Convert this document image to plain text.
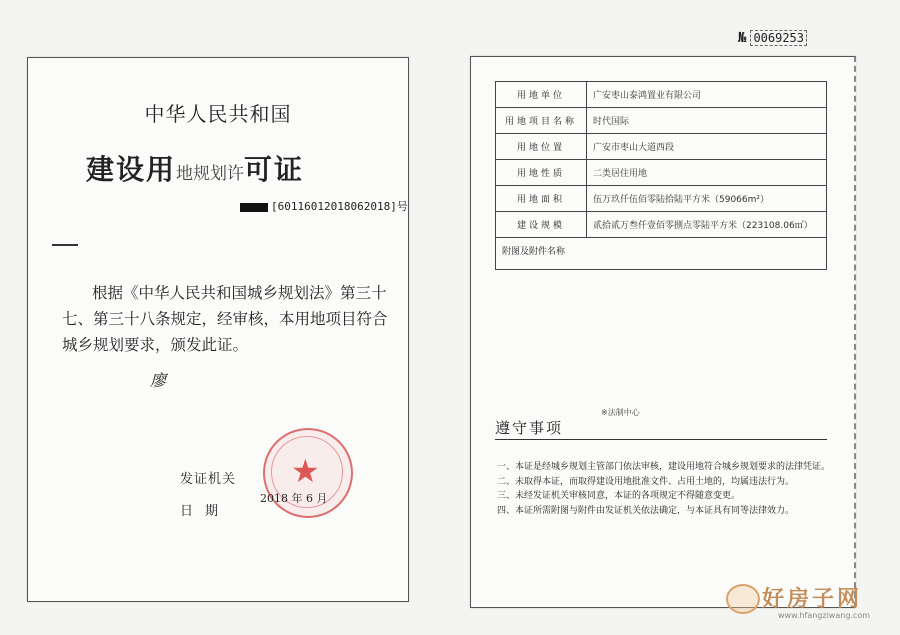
中华人民共和国
建设用地规划许可证
[60116012018062018]号

根据《中华人民共和国城乡规划法》第三十七、第三十八条规定，经审核，本用地项目符合城乡规划要求，颁发此证。

廖
发证机关
日期
★
2018 年 6 月
№ 0069253
用地单位	广安枣山泰鸿置业有限公司
用地项目名称	时代国际
用地位置	广安市枣山大道西段
用地性质	二类居住用地
用地面积	伍万玖仟伍佰零陆拾陆平方米（59066m²）
建设规模	贰拾贰万叁仟壹佰零捌点零陆平方米（223108.06㎡）
附图及附件名称	
※法制中心
遵守事项
一、本证是经城乡规划主管部门依法审核，建设用地符合城乡规划要求的法律凭证。
二、未取得本证，而取得建设用地批准文件、占用土地的，均属违法行为。
三、未经发证机关审核同意，本证的各项规定不得随意变更。
四、本证所需附图与附件由发证机关依法确定，与本证具有同等法律效力。
好房子网
www.hfangziwang.com
